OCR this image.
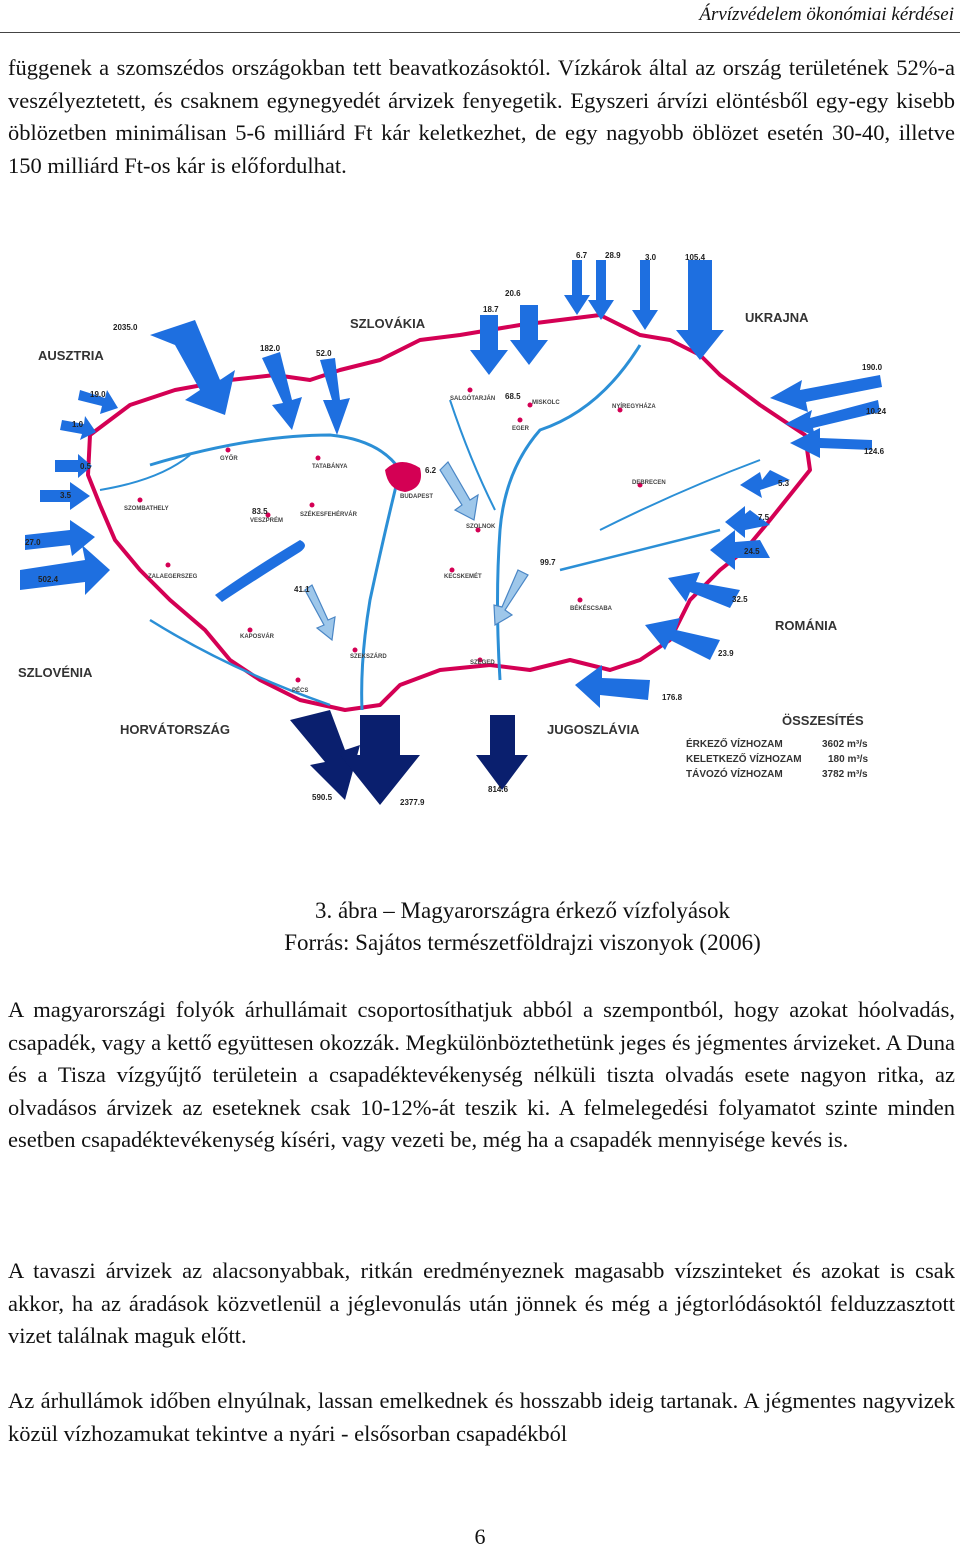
Árvízvédelem ökonómiai kérdései

függenek a szomszédos országokban tett beavatkozásoktól. Vízkárok által az ország területének 52%-a veszélyeztetett, és csaknem egynegyedét árvizek fenyegetik. Egyszeri árvízi elöntésből egy-egy kisebb öblözetben minimálisan 5-6 milliárd Ft kár keletkezhet, de egy nagyobb öblözet esetén 30-40, illetve 150 milliárd Ft-os kár is előfordulhat.

AUSZTRIA
SZLOVÁKIA	UKRAJNA
SZLOVÉNIA
HORVÁTORSZÁG	JUGOSZLÁVIA
ROMÁNIA
TATABÁNYA
BUDAPEST
SZOLNOK
DEBRECEN
PÉCS
SZEGED
KECSKEMÉT
MISKOLC
EGER
NYÍREGYHÁZA
VESZPRÉM
SZOMBATHELY
ZALAEGERSZEG
KAPOSVÁR
SZEKSZÁRD
BÉKÉSCSABA
SZÉKESFEHÉRVÁR
SALGÓTARJÁN
GYŐR
2035.0
182.0
52.0
18.7
20.6
6.7 28.9	3.0	105.4
190.0
10.24
124.6
5.3
7.5
24.5
32.5
23.9
176.8
814.6
2377.9
590.5
502.4
27.0
3.5
0.5
1.0
19.0	68.5
6.2
83.5
41.1
99.7
ÖSSZESÍTÉS
ÉRKEZŐ VÍZHOZAM	3602 m³/s
KELETKEZŐ VÍZHOZAM	180 m³/s
TÁVOZÓ VÍZHOZAM	3782 m³/s
3. ábra – Magyarországra érkező vízfolyások
Forrás: Sajátos természetföldrajzi viszonyok (2006)

A magyarországi folyók árhullámait csoportosíthatjuk abból a szempontból, hogy azokat hóolvadás, csapadék, vagy a kettő együttesen okozzák. Megkülönböztethetünk jeges és jégmentes árvizeket. A Duna és a Tisza vízgyűjtő területein a csapadéktevékenység nélküli tiszta olvadás esete nagyon ritka, az olvadásos árvizek az eseteknek csak 10-12%-át teszik ki. A felmelegedési folyamatot szinte minden esetben csapadéktevékenység kíséri, vagy vezeti be, még ha a csapadék mennyisége kevés is.

A tavaszi árvizek az alacsonyabbak, ritkán eredményeznek magasabb vízszinteket és azokat is csak akkor, ha az áradások közvetlenül a jéglevonulás után jönnek és még a jégtorlódásoktól felduzzasztott vizet találnak maguk előtt.

Az árhullámok időben elnyúlnak, lassan emelkednek és hosszabb ideig tartanak. A jégmentes nagyvizek közül vízhozamukat tekintve a nyári - elsősorban csapadékból

6
